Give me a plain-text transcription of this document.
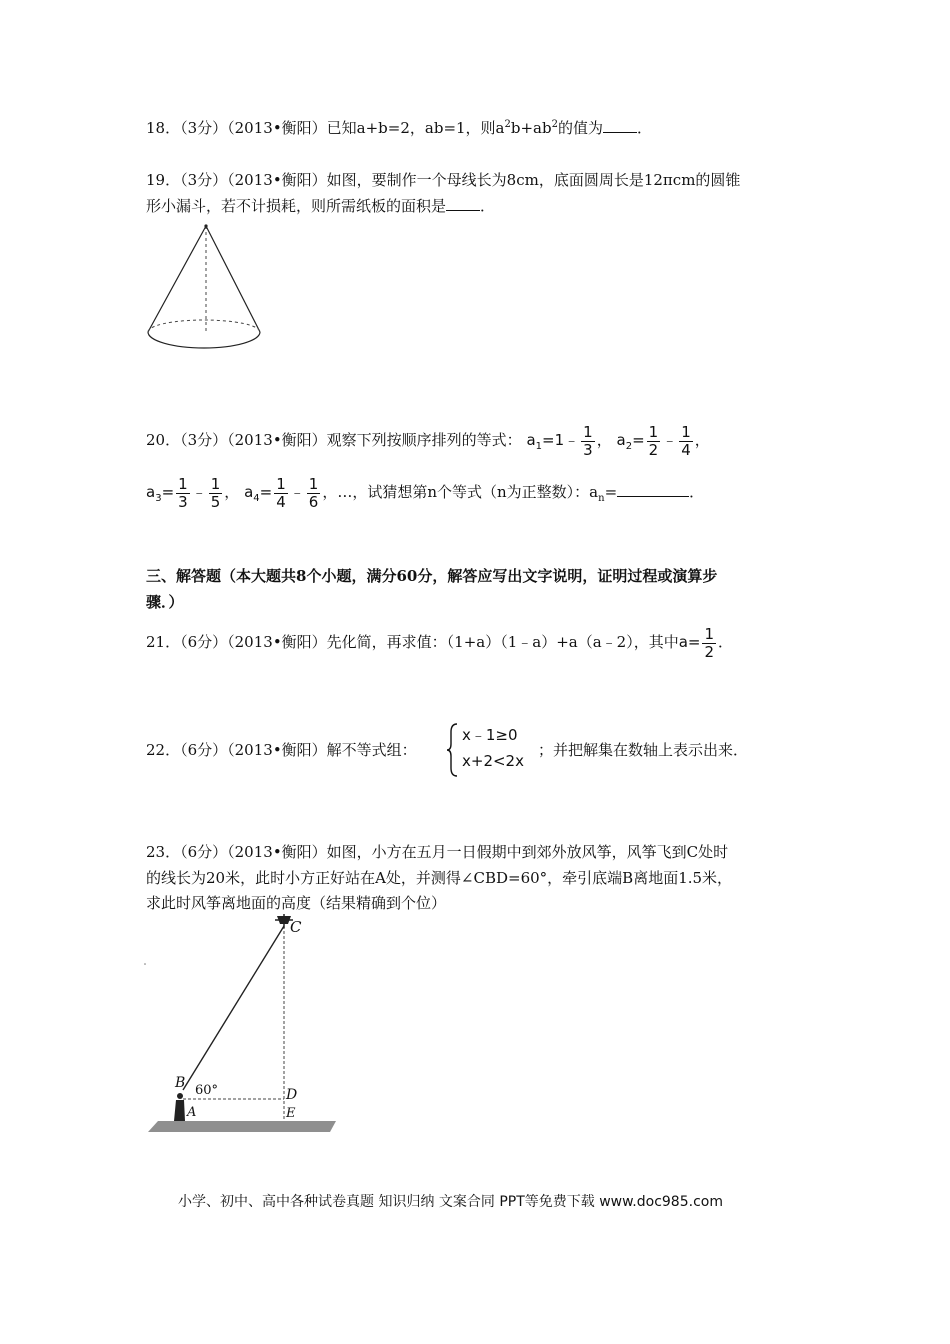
18．（3分）（2013•衡阳）已知a+b=2，ab=1，则$a^2b+ab^2$的值为 ．
19．（3分）（2013•衡阳）如图，要制作一个母线长为8cm，底面圆周长是12πcm的圆锥
形小漏斗，若不计损耗，则所需纸板的面积是 ．
20．（3分）（2013•衡阳）观察下列按顺序排列的等式： $a_1=1﹣ \frac{1}{3}$ ， $a_2= \frac{1}{2}$ ﹣ $\frac{1}{4}$ ，
$a_3= \frac{1}{3}$ ﹣ $\frac{1}{5}$ ， $a_4= \frac{1}{4}$ ﹣ $\frac{1}{6}$ ，…，试猜想第n个等式（n为正整数）：$a_n=$	．
三、解答题（本大题共8个小题，满分60分，解答应写出文字说明，证明过程或演算步
骤．）
21．（6分）（2013•衡阳）先化简，再求值：（1+a）（1﹣a）+a（a﹣2），其中$a= \frac{1}{2}$ ．
22．（6分）（2013•衡阳）解不等式组：
x﹣1≥0
x+2<2x
；并把解集在数轴上表示出来．
23．（6分）（2013•衡阳）如图，小方在五月一日假期中到郊外放风筝，风筝飞到C处时
的线长为20米，此时小方正好站在A处，并测得∠CBD=60°，牵引底端B离地面1.5米，
求此时风筝离地面的高度（结果精确到个位）
C
B 60°	D
A	E
小学、初中、高中各种试卷真题 知识归纳 文案合同 PPT等免费下载 www.doc985.com
